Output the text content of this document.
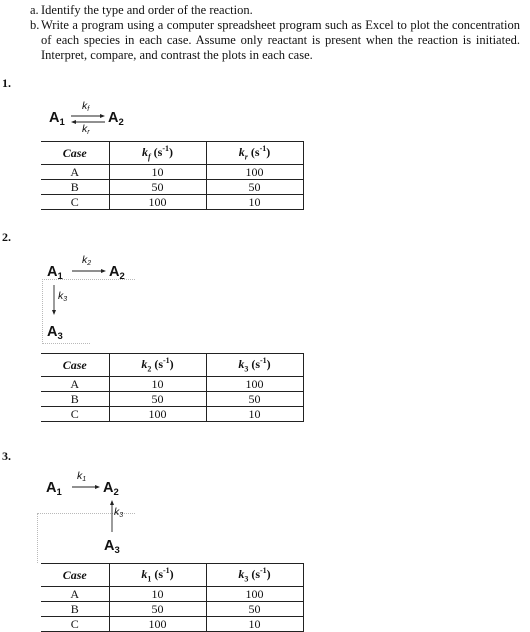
a. Identify the type and order of the reaction.
b. Write a program using a computer spreadsheet program such as Excel to plot the concentration of each species in each case. Assume only reactant is present when the reaction is initiated. Interpret, compare, and contrast the plots in each case.
1.
$A_1$ ⇌
$k_f$
$k_r$
$A_2$
Case	$k_f$ $(s^{-1})$	$k_r$ $(s^{-1})$
A	10	100
B	50	50
C	100	10
2.
$A_1$
$k_2$
$A_2$
$k_3$
$A_3$
Case	$k_2$ $(s^{-1})$	$k_3$ $(s^{-1})$
A	10	100
B	50	50
C	100	10
3.
$A_1$
$k_1$
$A_2$
$k_3$
$A_3$
Case	$k_1$ $(s^{-1})$	$k_3$ $(s^{-1})$
A	10	100
B	50	50
C	100	10
